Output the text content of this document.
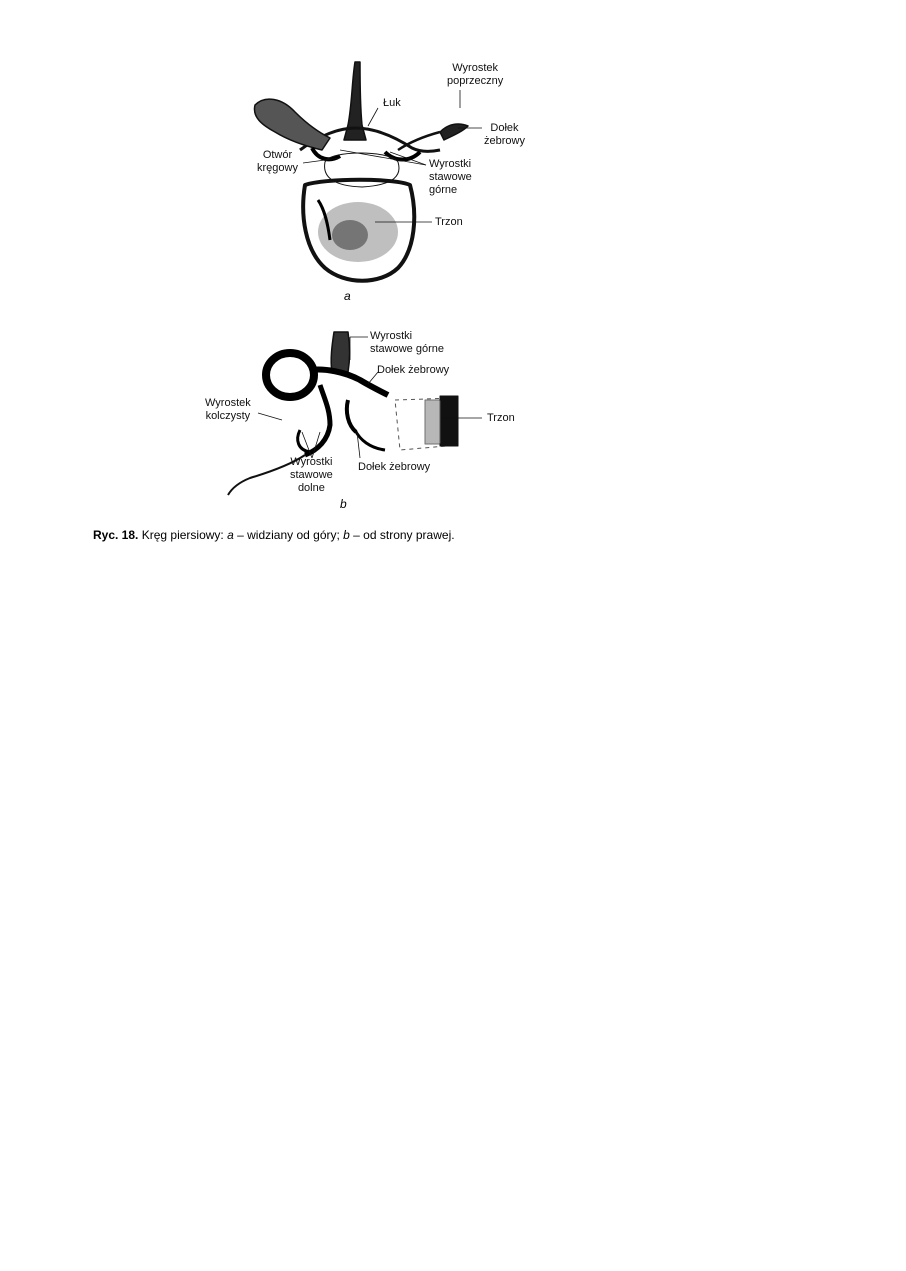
Wyrostek
poprzeczny
Łuk
Dołek
żebrowy
Otwór
kręgowy	Wyrostki
stawowe
górne
Trzon
a
Wyrostki
stawowe górne
Dołek żebrowy
Wyrostek
kolczysty	Trzon
Wyrostki
stawowe
dolne
Dołek żebrowy
b
Ryc. 18. Kręg piersiowy: a – widziany od góry; b – od strony prawej.
